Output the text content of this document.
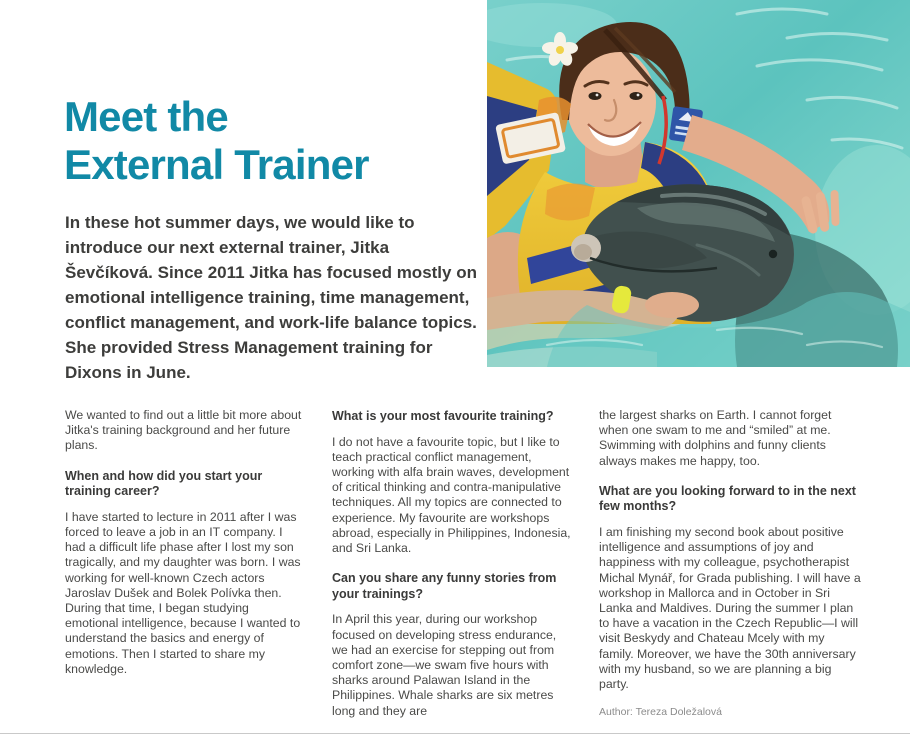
Meet the
External Trainer

In these hot summer days, we would like to introduce our next external trainer, Jitka Ševčíková. Since 2011 Jitka has focused mostly on emotional intelligence training, time management, conflict management, and work-life balance topics. She provided Stress Management training for Dixons in June.

We wanted to find out a little bit more about Jitka's training background and her future plans.

When and how did you start your training career?

I have started to lecture in 2011 after I was forced to leave a job in an IT company. I had a difficult life phase after I lost my son tragically, and my daughter was born. I was working for well-known Czech actors Jaroslav Dušek and Bolek Polívka then. During that time, I began studying emotional intelligence, because I wanted to understand the basics and energy of emotions. Then I started to share my knowledge.

What is your most favourite training?

I do not have a favourite topic, but I like to teach practical conflict management, working with alfa brain waves, development of critical thinking and contra-manipulative techniques. All my topics are connected to experience. My favourite are workshops abroad, especially in Philippines, Indonesia, and Sri Lanka.

Can you share any funny stories from your trainings?

In April this year, during our workshop focused on developing stress endurance, we had an exercise for stepping out from comfort zone—we swam five hours with sharks around Palawan Island in the Philippines. Whale sharks are six metres long and they are

the largest sharks on Earth. I cannot forget when one swam to me and “smiled” at me. Swimming with dolphins and funny clients always makes me happy, too.

What are you looking forward to in the next few months?

I am finishing my second book about positive intelligence and assumptions of joy and happiness with my colleague, psychotherapist Michal Mynář, for Grada publishing. I will have a workshop in Mallorca and in October in Sri Lanka and Maldives. During the summer I plan to have a vacation in the Czech Republic—I will visit Beskydy and Chateau Mcely with my family. Moreover, we have the 30th anniversary with my husband, so we are planning a big party.

Author: Tereza Doležalová
